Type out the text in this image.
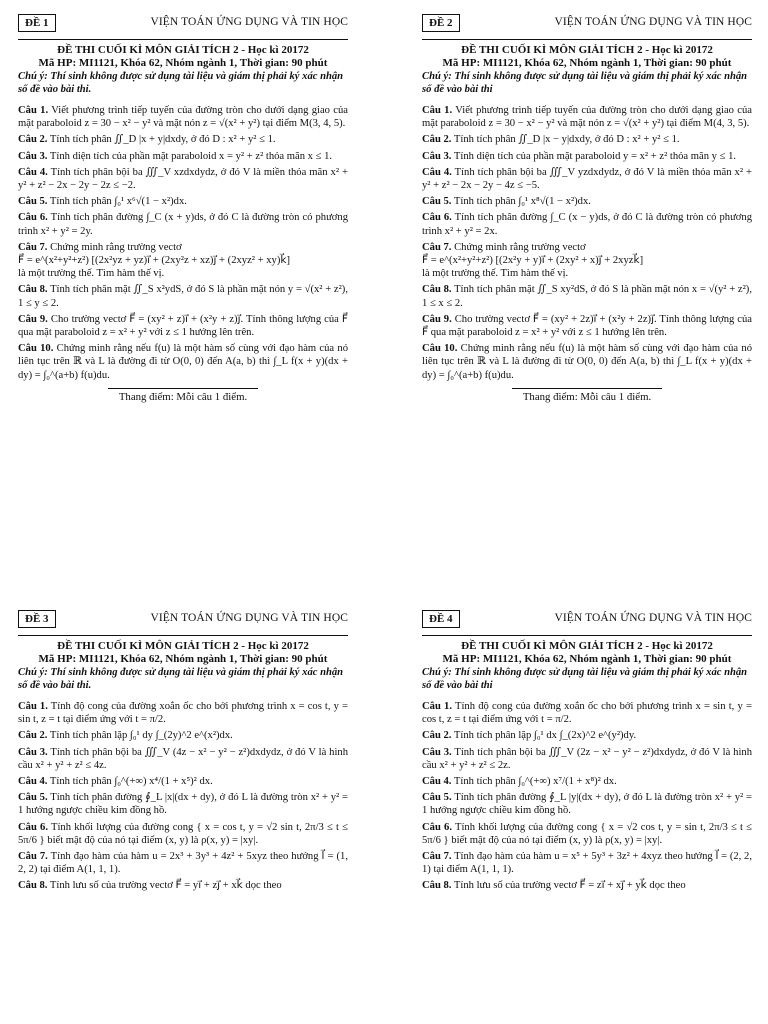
ĐỀ 1	VIỆN TOÁN ỨNG DỤNG VÀ TIN HỌC
ĐỀ THI CUỐI KÌ MÔN GIẢI TÍCH 2 - Học kì 20172
Mã HP: MI1121, Khóa 62, Nhóm ngành 1, Thời gian: 90 phút
Chú ý: Thí sinh không được sử dụng tài liệu và giám thị phải ký xác nhận số đề vào bài thi.
Câu 1. Viết phương trình tiếp tuyến của đường tròn cho dưới dạng giao của mặt paraboloid z = 30 − x² − y² và mặt nón z = √(x² + y²) tại điểm M(3, 4, 5).
Câu 2. Tính tích phân ∬_D |x + y|dxdy, ở đó D : x² + y² ≤ 1.
Câu 3. Tính diện tích của phần mặt paraboloid x = y² + z² thỏa mãn x ≤ 1.
Câu 4. Tính tích phân bội ba ∭_V xzdxdydz, ở đó V là miền thỏa mãn x² + y² + z² − 2x − 2y − 2z ≤ −2.
Câu 5. Tính tích phân ∫₀¹ x⁶√(1 − x²)dx.
Câu 6. Tính tích phân đường ∫_C (x + y)ds, ở đó C là đường tròn có phương trình x² + y² = 2y.
Câu 7. Chứng minh rằng trường vectơ
F⃗ = e^(x²+y²+z²) [(2x²yz + yz)i⃗ + (2xy²z + xz)j⃗ + (2xyz² + xy)k⃗]
là một trường thế. Tìm hàm thế vị.
Câu 8. Tính tích phân mặt ∬_S x²ydS, ở đó S là phần mặt nón y = √(x² + z²), 1 ≤ y ≤ 2.
Câu 9. Cho trường vectơ F⃗ = (xy² + z)i⃗ + (x²y + z)j⃗. Tính thông lượng của F⃗ qua mặt paraboloid z = x² + y² với z ≤ 1 hướng lên trên.
Câu 10. Chứng minh rằng nếu f(u) là một hàm số cùng với đạo hàm của nó liên tục trên ℝ và L là đường đi từ O(0, 0) đến A(a, b) thì ∫_L f(x + y)(dx + dy) = ∫₀^(a+b) f(u)du.
Thang điểm: Mỗi câu 1 điểm.
ĐỀ 2	VIỆN TOÁN ỨNG DỤNG VÀ TIN HỌC
ĐỀ THI CUỐI KÌ MÔN GIẢI TÍCH 2 - Học kì 20172
Mã HP: MI1121, Khóa 62, Nhóm ngành 1, Thời gian: 90 phút
Chú ý: Thí sinh không được sử dụng tài liệu và giám thị phải ký xác nhận số đề vào bài thi
Câu 1. Viết phương trình tiếp tuyến của đường tròn cho dưới dạng giao của mặt paraboloid z = 30 − x² − y² và mặt nón z = √(x² + y²) tại điểm M(4, 3, 5).
Câu 2. Tính tích phân ∬_D |x − y|dxdy, ở đó D : x² + y² ≤ 1.
Câu 3. Tính diện tích của phần mặt paraboloid y = x² + z² thỏa mãn y ≤ 1.
Câu 4. Tính tích phân bội ba ∭_V yzdxdydz, ở đó V là miền thỏa mãn x² + y² + z² − 2x − 2y − 4z ≤ −5.
Câu 5. Tính tích phân ∫₀¹ x⁸√(1 − x²)dx.
Câu 6. Tính tích phân đường ∫_C (x − y)ds, ở đó C là đường tròn có phương trình x² + y² = 2x.
Câu 7. Chứng minh rằng trường vectơ
F⃗ = e^(x²+y²+z²) [(2x²y + y)i⃗ + (2xy² + x)j⃗ + 2xyzk⃗]
là một trường thế. Tìm hàm thế vị.
Câu 8. Tính tích phân mặt ∬_S xy²dS, ở đó S là phần mặt nón x = √(y² + z²), 1 ≤ x ≤ 2.
Câu 9. Cho trường vectơ F⃗ = (xy² + 2z)i⃗ + (x²y + 2z)j⃗. Tính thông lượng của F⃗ qua mặt paraboloid z = x² + y² với z ≤ 1 hướng lên trên.
Câu 10. Chứng minh rằng nếu f(u) là một hàm số cùng với đạo hàm của nó liên tục trên ℝ và L là đường đi từ O(0, 0) đến A(a, b) thì ∫_L f(x + y)(dx + dy) = ∫₀^(a+b) f(u)du.
Thang điểm: Mỗi câu 1 điểm.
ĐỀ 3	VIỆN TOÁN ỨNG DỤNG VÀ TIN HỌC
ĐỀ THI CUỐI KÌ MÔN GIẢI TÍCH 2 - Học kì 20172
Mã HP: MI1121, Khóa 62, Nhóm ngành 1, Thời gian: 90 phút
Chú ý: Thí sinh không được sử dụng tài liệu và giám thị phải ký xác nhận số đề vào bài thi.
Câu 1. Tính độ cong của đường xoắn ốc cho bởi phương trình x = cos t, y = sin t, z = t tại điểm ứng với t = π/2.
Câu 2. Tính tích phân lặp ∫₀¹ dy ∫_(2y)^2 e^(x²)dx.
Câu 3. Tính tích phân bội ba ∭_V (4z − x² − y² − z²)dxdydz, ở đó V là hình cầu x² + y² + z² ≤ 4z.
Câu 4. Tính tích phân ∫₀^(+∞) x⁴/(1 + x⁵)² dx.
Câu 5. Tính tích phân đường ∮_L |x|(dx + dy), ở đó L là đường tròn x² + y² = 1 hướng ngược chiều kim đồng hồ.
Câu 6. Tính khối lượng của đường cong { x = cos t, y = √2 sin t, 2π/3 ≤ t ≤ 5π/6 } biết mật độ của nó tại điểm (x, y) là ρ(x, y) = |xy|.
Câu 7. Tính đạo hàm của hàm u = 2x³ + 3y³ + 4z² + 5xyz theo hướng l⃗ = (1, 2, 2) tại điểm A(1, 1, 1).
Câu 8. Tính lưu số của trường vectơ F⃗ = yi⃗ + zj⃗ + xk⃗ dọc theo
ĐỀ 4	VIỆN TOÁN ỨNG DỤNG VÀ TIN HỌC
ĐỀ THI CUỐI KÌ MÔN GIẢI TÍCH 2 - Học kì 20172
Mã HP: MI1121, Khóa 62, Nhóm ngành 1, Thời gian: 90 phút
Chú ý: Thí sinh không được sử dụng tài liệu và giám thị phải ký xác nhận số đề vào bài thi
Câu 1. Tính độ cong của đường xoắn ốc cho bởi phương trình x = sin t, y = cos t, z = t tại điểm ứng với t = π/2.
Câu 2. Tính tích phân lặp ∫₀¹ dx ∫_(2x)^2 e^(y²)dy.
Câu 3. Tính tích phân bội ba ∭_V (2z − x² − y² − z²)dxdydz, ở đó V là hình cầu x² + y² + z² ≤ 2z.
Câu 4. Tính tích phân ∫₀^(+∞) x⁷/(1 + x⁸)² dx.
Câu 5. Tính tích phân đường ∮_L |y|(dx + dy), ở đó L là đường tròn x² + y² = 1 hướng ngược chiều kim đồng hồ.
Câu 6. Tính khối lượng của đường cong { x = √2 cos t, y = sin t, 2π/3 ≤ t ≤ 5π/6 } biết mật độ của nó tại điểm (x, y) là ρ(x, y) = |xy|.
Câu 7. Tính đạo hàm của hàm u = x⁵ + 5y³ + 3z² + 4xyz theo hướng l⃗ = (2, 2, 1) tại điểm A(1, 1, 1).
Câu 8. Tính lưu số của trường vectơ F⃗ = zi⃗ + xj⃗ + yk⃗ dọc theo
